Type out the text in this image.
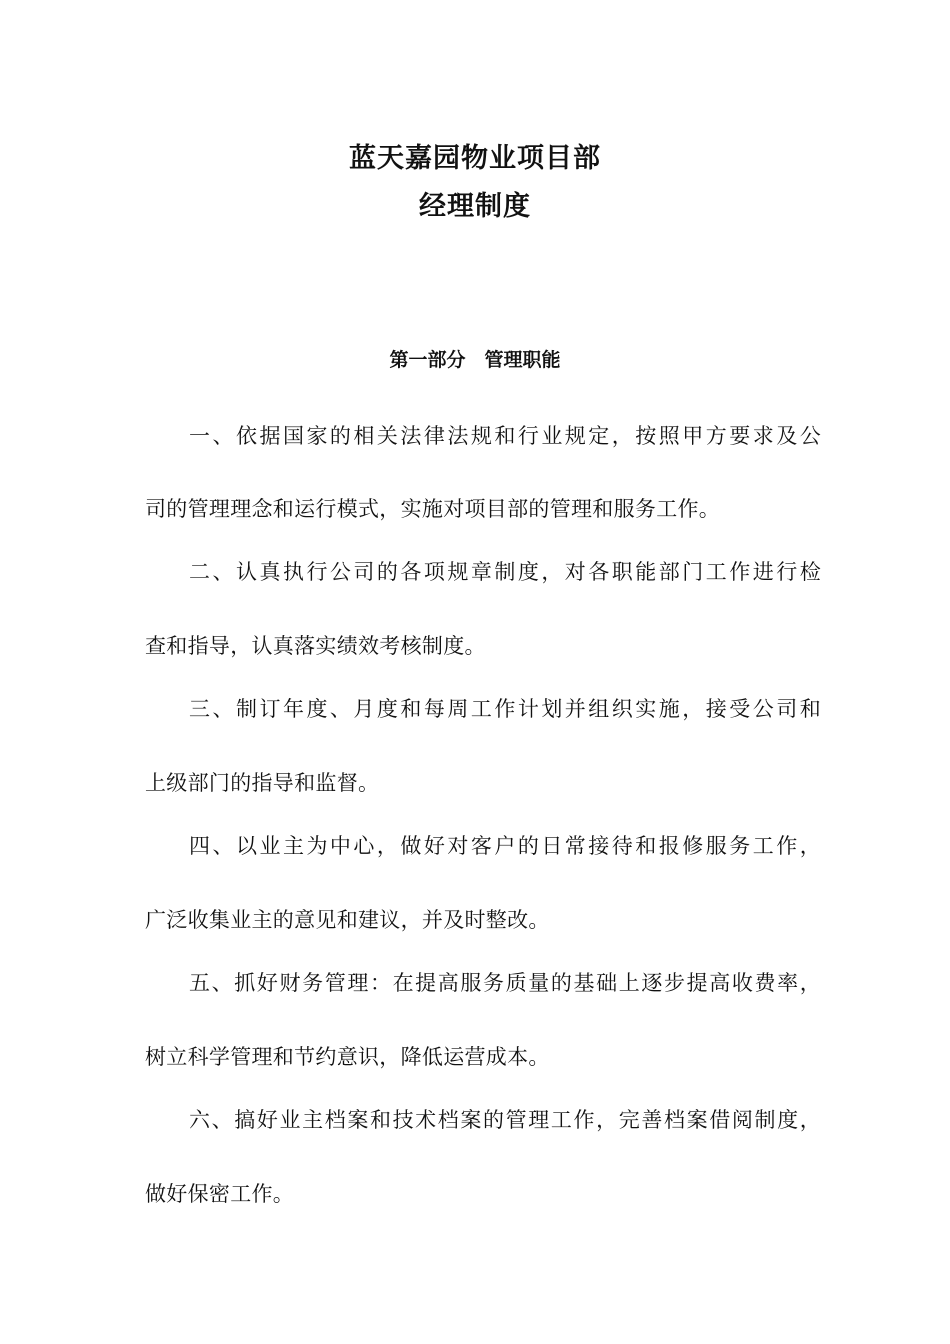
蓝天嘉园物业项目部
经理制度
第一部分　管理职能
一、依据国家的相关法律法规和行业规定，按照甲方要求及公
司的管理理念和运行模式，实施对项目部的管理和服务工作。
二、认真执行公司的各项规章制度，对各职能部门工作进行检
查和指导，认真落实绩效考核制度。
三、制订年度、月度和每周工作计划并组织实施，接受公司和
上级部门的指导和监督。
四、以业主为中心，做好对客户的日常接待和报修服务工作，
广泛收集业主的意见和建议，并及时整改。
五、抓好财务管理：在提高服务质量的基础上逐步提高收费率，
树立科学管理和节约意识，降低运营成本。
六、搞好业主档案和技术档案的管理工作，完善档案借阅制度，
做好保密工作。
